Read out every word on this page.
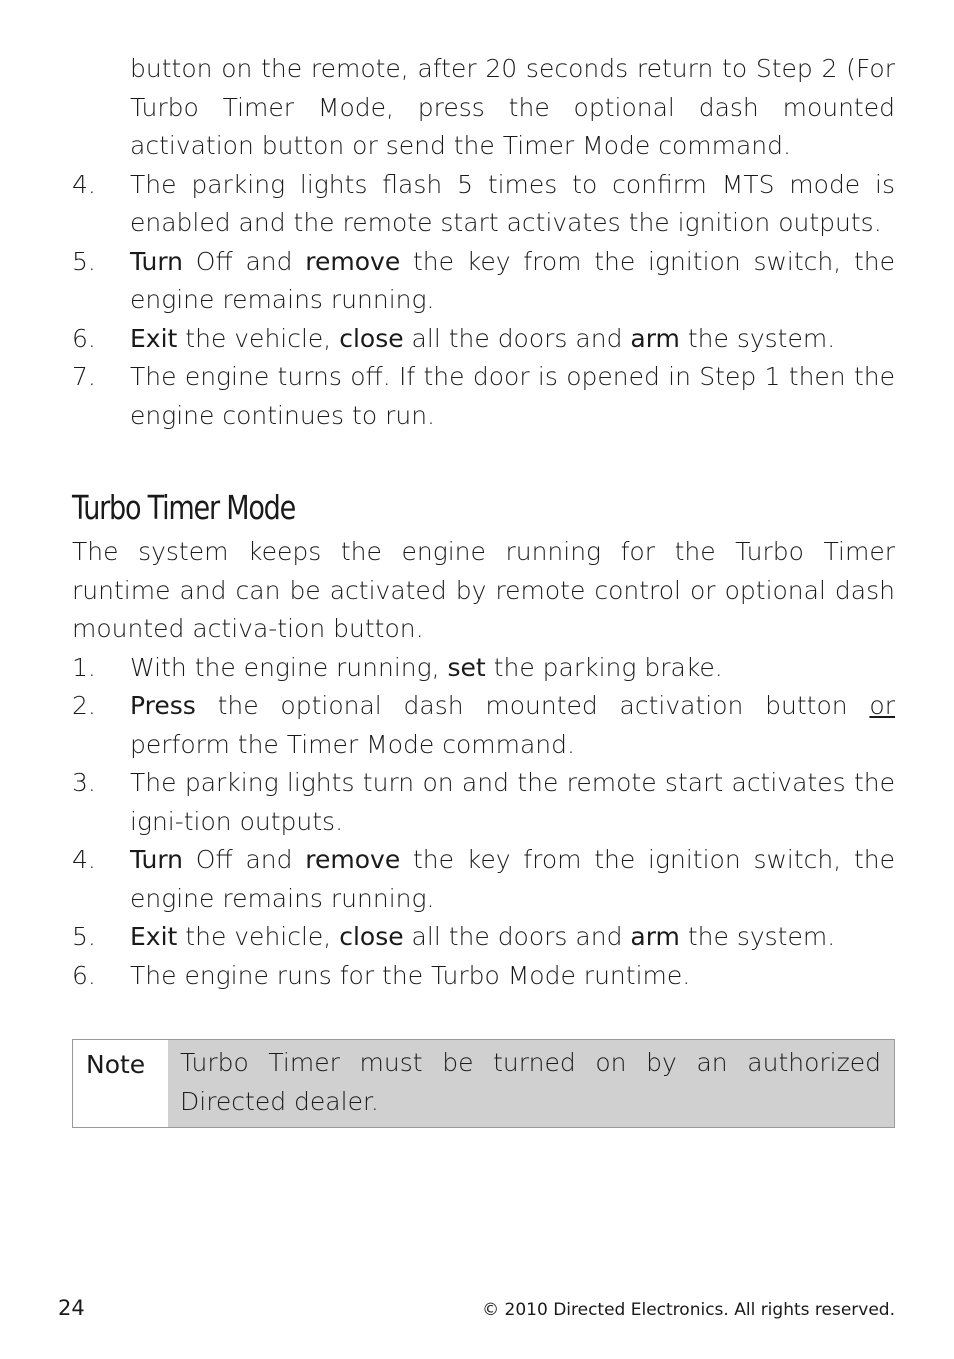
button on the remote, after 20 seconds return to Step 2 (For Turbo Timer Mode, press the optional dash mounted activation button or send the Timer Mode command.
4.	The parking lights flash 5 times to confirm MTS mode is enabled and the remote start activates the ignition outputs.
5.	Turn Off and remove the key from the ignition switch, the engine remains running.
6.	Exit the vehicle, close all the doors and arm the system.
7.	The engine turns off. If the door is opened in Step 1 then the engine continues to run.
Turbo Timer Mode
The system keeps the engine running for the Turbo Timer runtime and can be activated by remote control or optional dash mounted activa-tion button.
1.	With the engine running, set the parking brake.
2.	Press the optional dash mounted activation button or perform the Timer Mode command.
3.	The parking lights turn on and the remote start activates the igni-tion outputs.
4.	Turn Off and remove the key from the ignition switch, the engine remains running.
5.	Exit the vehicle, close all the doors and arm the system.
6.	The engine runs for the Turbo Mode runtime.
Note	Turbo Timer must be turned on by an authorized Directed dealer.
24	© 2010 Directed Electronics. All rights reserved.
